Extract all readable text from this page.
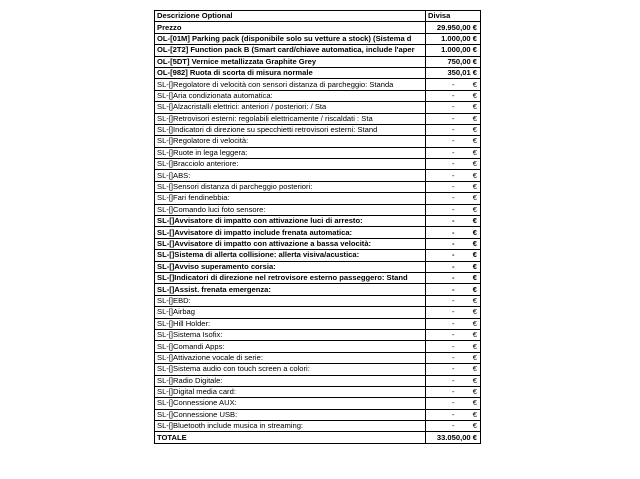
Descrizione Optional	Divisa
Prezzo	29.950,00 €

OL-[01M] Parking pack (disponibile solo su vetture a stock) (Sistema d	1.000,00 €

OL-[2T2] Function pack B (Smart card/chiave automatica, include l'aper	1.000,00 €

OL-[5DT] Vernice metallizzata Graphite Grey	750,00 €

OL-[982] Ruota di scorta di misura normale	350,01 €

SL-[]Regolatore di velocità con sensori distanza di parcheggio: Standa	- €

SL-[]Aria condizionata automatica:	- €

SL-[]Alzacristalli elettrici: anteriori / posteriori: / Sta	- €

SL-[]Retrovisori esterni: regolabili elettricamente / riscaldati : Sta	- €

SL-[]Indicatori di direzione su specchietti retrovisori esterni: Stand	- €

SL-[]Regolatore di velocità:	- €

SL-[]Ruote in lega leggera:	- €

SL-[]Bracciolo anteriore:	- €

SL-[]ABS:	- €

SL-[]Sensori distanza di parcheggio posteriori:	- €

SL-[]Fari fendinebbia:	- €

SL-[]Comando luci foto sensore:	- €

SL-[]Avvisatore di impatto con attivazione luci di arresto:	- €

SL-[]Avvisatore di impatto include frenata automatica:	- €

SL-[]Avvisatore di impatto con attivazione a bassa velocità:	- €

SL-[]Sistema di allerta collisione: allerta visiva/acustica:	- €

SL-[]Avviso superamento corsia:	- €

SL-[]Indicatori di direzione nel retrovisore esterno passeggero: Stand	- €

SL-[]Assist. frenata emergenza:	- €

SL-[]EBD:	- €

SL-[]Airbag	- €

SL-[]Hill Holder:	- €

SL-[]Sistema Isofix:	- €

SL-[]Comandi Apps:	- €

SL-[]Attivazione vocale di serie:	- €

SL-[]Sistema audio con touch screen a colori:	- €

SL-[]Radio Digitale:	- €

SL-[]Digital media card:	- €

SL-[]Connessione AUX:	- €

SL-[]Connessione USB:	- €

SL-[]Bluetooth include musica in streaming:	- €

TOTALE	33.050,00 €
